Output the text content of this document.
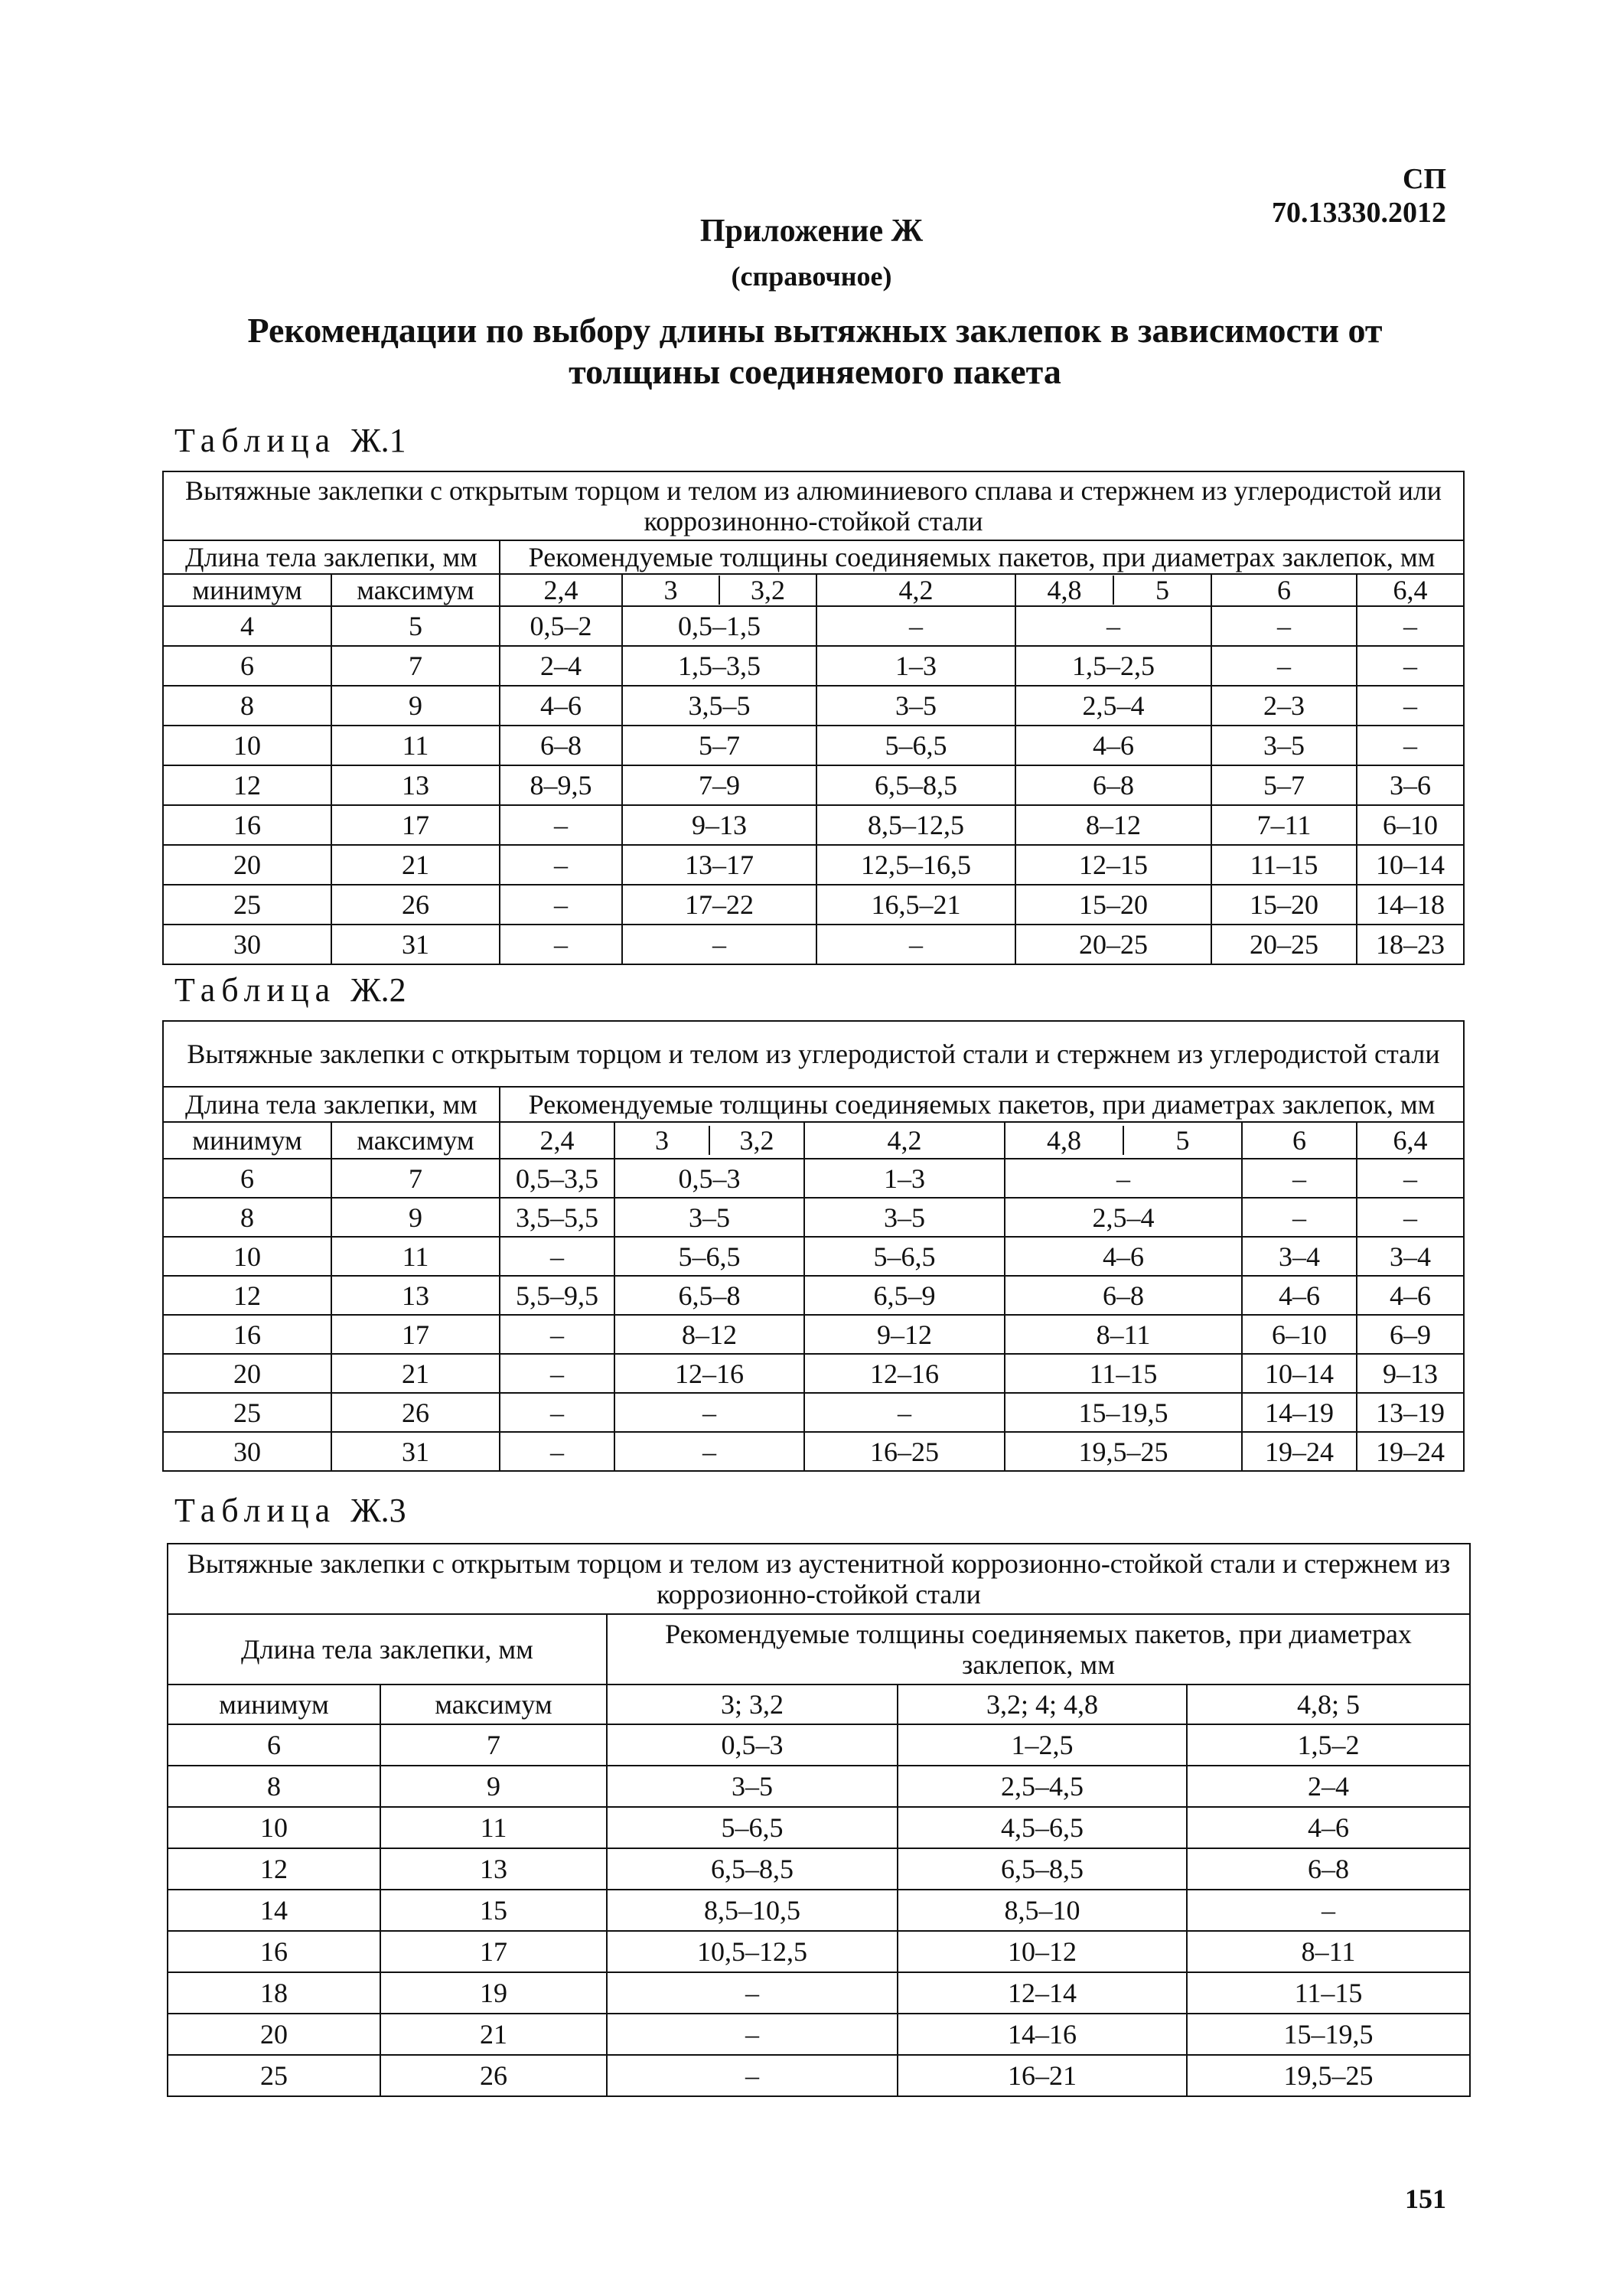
СП 70.13330.2012
Приложение Ж
(справочное)
Рекомендации по выбору длины вытяжных заклепок в зависимости от толщины соединяемого пакета
Таблица Ж.1
Вытяжные заклепки с открытым торцом и телом из алюминиевого сплава и стержнем из углеродистой или коррозинонно-стойкой стали							
Длина тела заклепки, мм		Рекомендуемые толщины соединяемых пакетов, при диаметрах заклепок, мм					
минимум	максимум	2,4	3 3,2	4,2	4,8 5	6	6,4
4	5	0,5–2	0,5–1,5	–	–	–	–
6	7	2–4	1,5–3,5	1–3	1,5–2,5	–	–
8	9	4–6	3,5–5	3–5	2,5–4	2–3	–
10	11	6–8	5–7	5–6,5	4–6	3–5	–
12	13	8–9,5	7–9	6,5–8,5	6–8	5–7	3–6
16	17	–	9–13	8,5–12,5	8–12	7–11	6–10
20	21	–	13–17	12,5–16,5	12–15	11–15	10–14
25	26	–	17–22	16,5–21	15–20	15–20	14–18
30	31	–	–	–	20–25	20–25	18–23
Таблица Ж.2
Вытяжные заклепки с открытым торцом и телом из углеродистой стали и стержнем из углеродистой стали							
Длина тела заклепки, мм		Рекомендуемые толщины соединяемых пакетов, при диаметрах заклепок, мм					
минимум	максимум	2,4	3 3,2	4,2	4,8 5	6	6,4
6	7	0,5–3,5	0,5–3	1–3	–	–	–
8	9	3,5–5,5	3–5	3–5	2,5–4	–	–
10	11	–	5–6,5	5–6,5	4–6	3–4	3–4
12	13	5,5–9,5	6,5–8	6,5–9	6–8	4–6	4–6
16	17	–	8–12	9–12	8–11	6–10	6–9
20	21	–	12–16	12–16	11–15	10–14	9–13
25	26	–	–	–	15–19,5	14–19	13–19
30	31	–	–	16–25	19,5–25	19–24	19–24
Таблица Ж.3
Вытяжные заклепки с открытым торцом и телом из аустенитной коррозионно-стойкой стали и стержнем из коррозионно-стойкой стали				
Длина тела заклепки, мм		Рекомендуемые толщины соединяемых пакетов, при диаметрах заклепок, мм		
минимум	максимум	3; 3,2	3,2; 4; 4,8	4,8; 5
6	7	0,5–3	1–2,5	1,5–2
8	9	3–5	2,5–4,5	2–4
10	11	5–6,5	4,5–6,5	4–6
12	13	6,5–8,5	6,5–8,5	6–8
14	15	8,5–10,5	8,5–10	–
16	17	10,5–12,5	10–12	8–11
18	19	–	12–14	11–15
20	21	–	14–16	15–19,5
25	26	–	16–21	19,5–25
151
